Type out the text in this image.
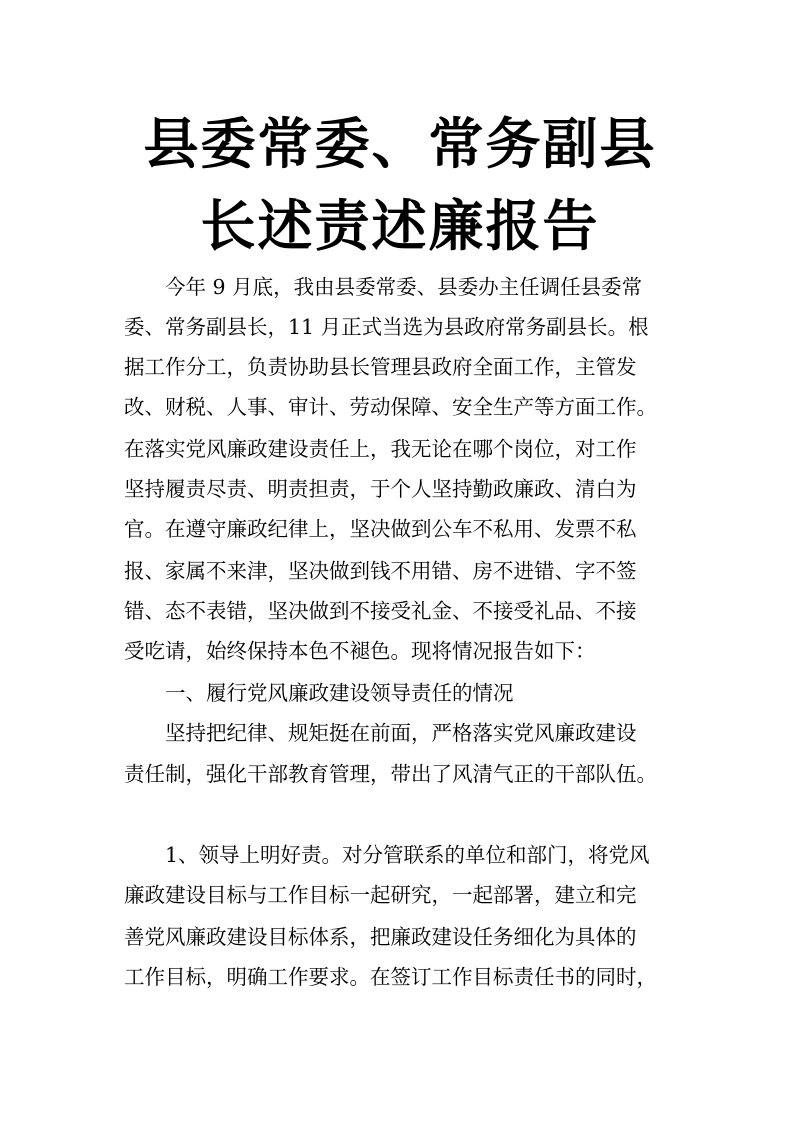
县委常委、常务副县
长述责述廉报告

今年 9 月底，我由县委常委、县委办主任调任县委常

委、常务副县长，11 月正式当选为县政府常务副县长。根

据工作分工，负责协助县长管理县政府全面工作，主管发

改、财税、人事、审计、劳动保障、安全生产等方面工作。

在落实党风廉政建设责任上，我无论在哪个岗位，对工作

坚持履责尽责、明责担责，于个人坚持勤政廉政、清白为

官。在遵守廉政纪律上，坚决做到公车不私用、发票不私

报、家属不来津，坚决做到钱不用错、房不进错、字不签

错、态不表错，坚决做到不接受礼金、不接受礼品、不接

受吃请，始终保持本色不褪色。现将情况报告如下：

一、履行党风廉政建设领导责任的情况

坚持把纪律、规矩挺在前面，严格落实党风廉政建设

责任制，强化干部教育管理，带出了风清气正的干部队伍。

1、领导上明好责。对分管联系的单位和部门，将党风

廉政建设目标与工作目标一起研究，一起部署，建立和完

善党风廉政建设目标体系，把廉政建设任务细化为具体的

工作目标，明确工作要求。在签订工作目标责任书的同时，
